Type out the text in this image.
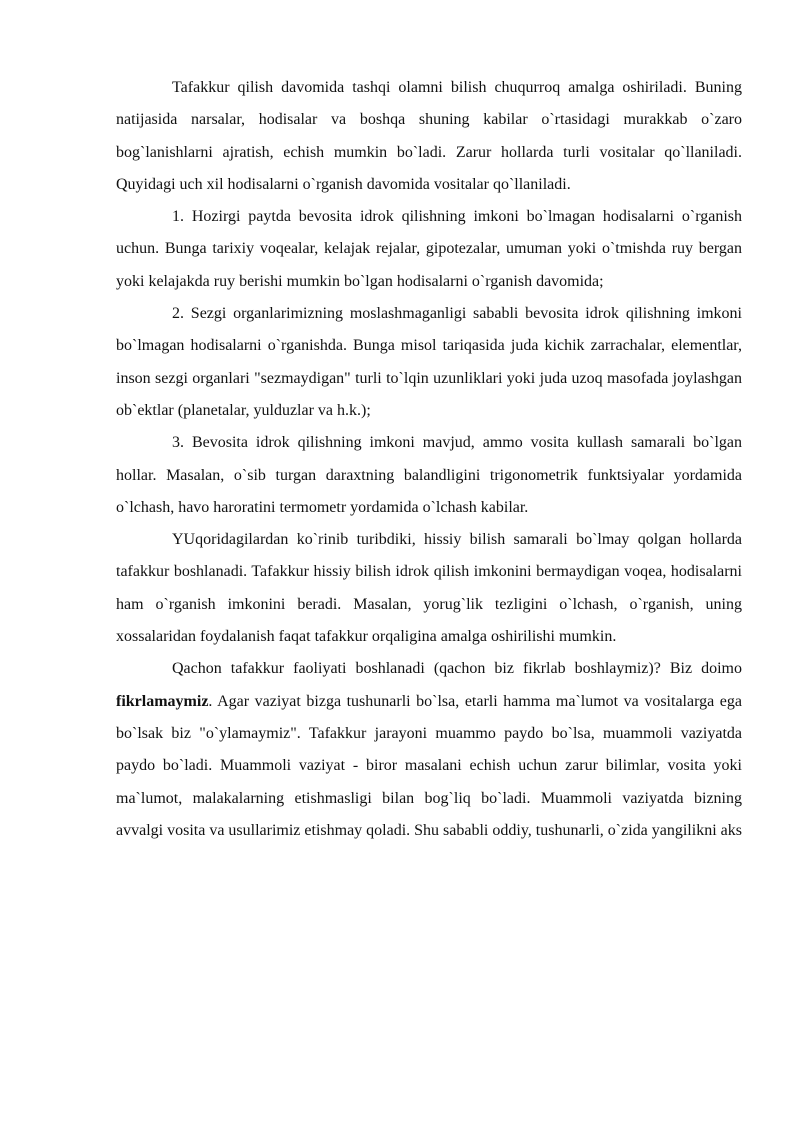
Tafakkur qilish davomida tashqi olamni bilish chuqurroq amalga oshiriladi. Buning natijasida narsalar, hodisalar va boshqa shuning kabilar o`rtasidagi murakkab o`zaro bog`lanishlarni ajratish, echish mumkin bo`ladi. Zarur hollarda turli vositalar qo`llaniladi. Quyidagi uch xil hodisalarni o`rganish davomida vositalar qo`llaniladi.

1. Hozirgi paytda bevosita idrok qilishning imkoni bo`lmagan hodisalarni o`rganish uchun. Bunga tarixiy voqealar, kelajak rejalar, gipotezalar, umuman yoki o`tmishda ruy bergan yoki kelajakda ruy berishi mumkin bo`lgan hodisalarni o`rganish davomida;

2. Sezgi organlarimizning moslashmaganligi sababli bevosita idrok qilishning imkoni bo`lmagan hodisalarni o`rganishda. Bunga misol tariqasida juda kichik zarrachalar, elementlar, inson sezgi organlari "sezmaydigan" turli to`lqin uzunliklari yoki juda uzoq masofada joylashgan ob`ektlar (planetalar, yulduzlar va h.k.);

3. Bevosita idrok qilishning imkoni mavjud, ammo vosita kullash samarali bo`lgan hollar. Masalan, o`sib turgan daraxtning balandligini trigonometrik funktsiyalar yordamida o`lchash, havo haroratini termometr yordamida o`lchash kabilar.

YUqoridagilardan ko`rinib turibdiki, hissiy bilish samarali bo`lmay qolgan hollarda tafakkur boshlanadi. Tafakkur hissiy bilish idrok qilish imkonini bermaydigan voqea, hodisalarni ham o`rganish imkonini beradi. Masalan, yorug`lik tezligini o`lchash, o`rganish, uning xossalaridan foydalanish faqat tafakkur orqaligina amalga oshirilishi mumkin.

Qachon tafakkur faoliyati boshlanadi (qachon biz fikrlab boshlaymiz)? Biz doimo fikrlamaymiz. Agar vaziyat bizga tushunarli bo`lsa, etarli hamma ma`lumot va vositalarga ega bo`lsak biz "o`ylamaymiz". Tafakkur jarayoni muammo paydo bo`lsa, muammoli vaziyatda paydo bo`ladi. Muammoli vaziyat - biror masalani echish uchun zarur bilimlar, vosita yoki ma`lumot, malakalarning etishmasligi bilan bog`liq bo`ladi. Muammoli vaziyatda bizning avvalgi vosita va usullarimiz etishmay qoladi. Shu sababli oddiy, tushunarli, o`zida yangilikni aks
